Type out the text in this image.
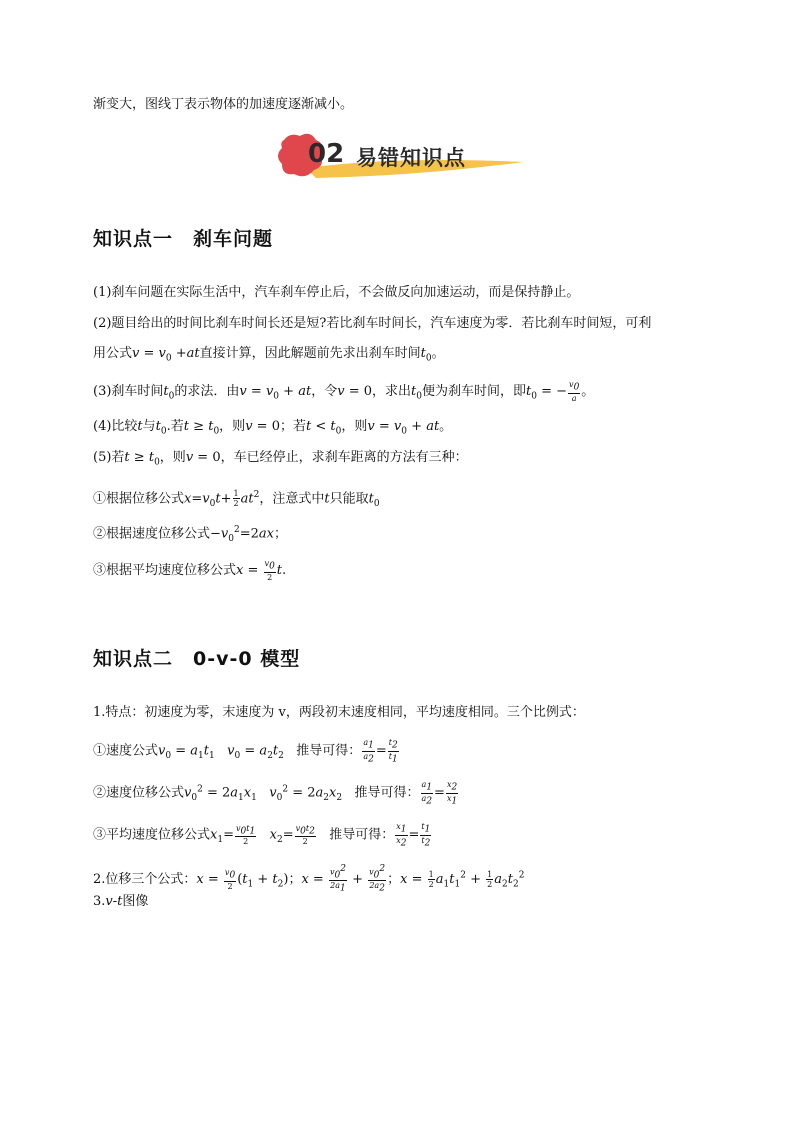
渐变大，图线丁表示物体的加速度逐渐减小。
02 易错知识点
知识点一　刹车问题
(1)刹车问题在实际生活中，汽车刹车停止后，不会做反向加速运动，而是保持静止。
(2)题目给出的时间比刹车时间长还是短?若比刹车时间长，汽车速度为零．若比刹车时间短，可利
用公式$v = v_0 +at$直接计算，因此解题前先求出刹车时间$t_0$。
(3)刹车时间$t_0$的求法．由$v = v_0$ + at，令v = 0，求出$t_0$便为刹车时间，即$t_0$ = − $\frac{v_0}{a}$ 。
(4)比较t与$t_0$.若$t \ge t_0$，则v = 0；若$t < t_0$，则$v = v_0$ + at。
(5)若$t \ge t_0$，则v = 0，车已经停止，求刹车距离的方法有三种：
①根据位移公式$x=v_0t+ \frac{1}{2} at^2$，注意式中t只能取$t_0$
②根据速度位移公式$-v_0^2=2ax$；
③根据平均速度位移公式$x = \frac{v_0}{2} t$.
知识点二　0-v-0 模型
1.特点：初速度为零，末速度为 v，两段初末速度相同，平均速度相同。三个比例式：
①速度公式$v_0 = a_1t_1$ $v_0 = a_2t_2$ 推导可得： $\frac{a_1}{a_2} = \frac{t_2}{t_1}$
②速度位移公式$v_0^2 = 2a_1x_1$ $v_0^2 = 2a_2x_2$ 推导可得： $\frac{a_1}{a_2} = \frac{x_2}{x_1}$
③平均速度位移公式$x_1= \frac{v_0t_1}{2} x_2= \frac{v_0t_2}{2}$ 推导可得： $\frac{x_1}{x_2} = \frac{t_1}{t_2}$
2.位移三个公式：$x = \frac{v_0}{2} (t_1 + t_2)$；$x = \frac{v_0^2}{2a_1} + \frac{v_0^2}{2a_2}$ ；$x = \frac{1}{2} a_1t_1^2 + \frac{1}{2} a_2t_2^2$
3.v-t图像
